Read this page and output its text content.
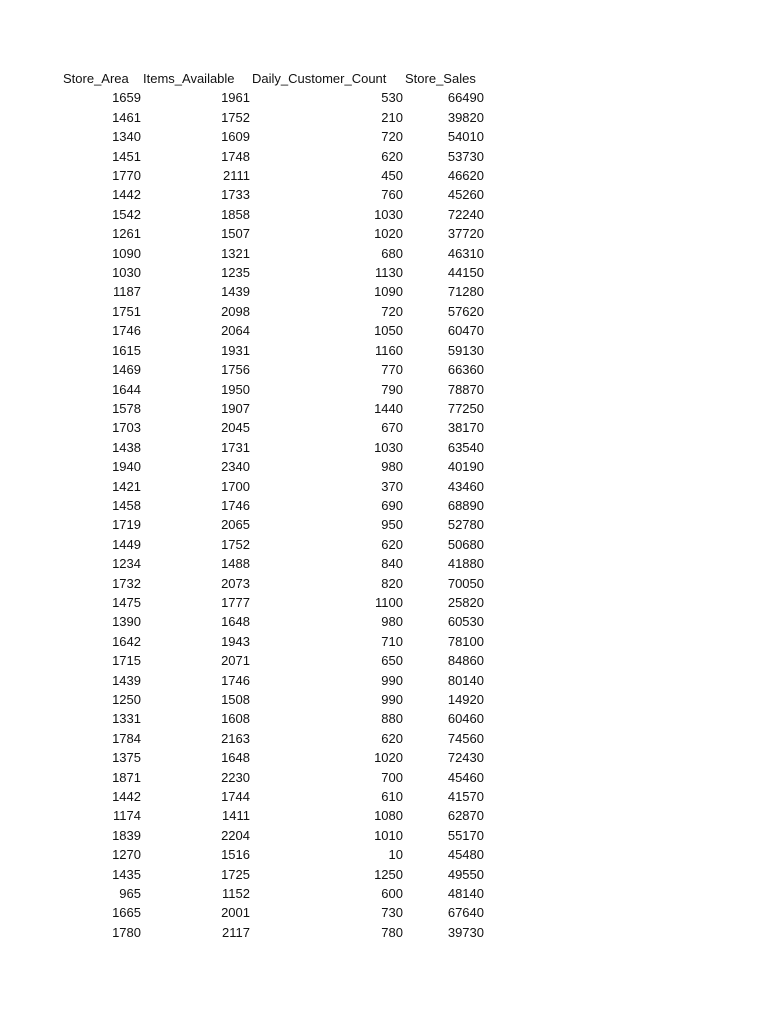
Store_Area	Items_Available	Daily_Customer_Count	Store_Sales
1659	1961	530	66490
1461	1752	210	39820
1340	1609	720	54010
1451	1748	620	53730
1770	2111	450	46620
1442	1733	760	45260
1542	1858	1030	72240
1261	1507	1020	37720
1090	1321	680	46310
1030	1235	1130	44150
1187	1439	1090	71280
1751	2098	720	57620
1746	2064	1050	60470
1615	1931	1160	59130
1469	1756	770	66360
1644	1950	790	78870
1578	1907	1440	77250
1703	2045	670	38170
1438	1731	1030	63540
1940	2340	980	40190
1421	1700	370	43460
1458	1746	690	68890
1719	2065	950	52780
1449	1752	620	50680
1234	1488	840	41880
1732	2073	820	70050
1475	1777	1100	25820
1390	1648	980	60530
1642	1943	710	78100
1715	2071	650	84860
1439	1746	990	80140
1250	1508	990	14920
1331	1608	880	60460
1784	2163	620	74560
1375	1648	1020	72430
1871	2230	700	45460
1442	1744	610	41570
1174	1411	1080	62870
1839	2204	1010	55170
1270	1516	10	45480
1435	1725	1250	49550
965	1152	600	48140
1665	2001	730	67640
1780	2117	780	39730
